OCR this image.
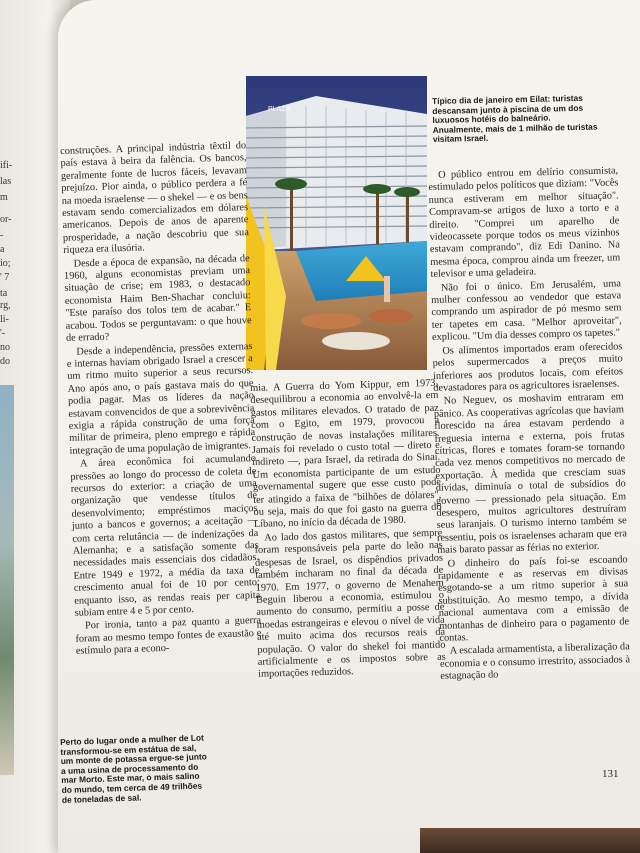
ifi-
las
m
or-
-
a
io;
' 7
ta
rg,
li-
'-
no
do
PLAZA
Típico dia de janeiro em Eilat: turistas descansam junto à piscina de um dos luxuosos hotéis do balneário. Anualmente, mais de 1 milhão de turistas visitam Israel.

construções. A principal indústria têxtil do país estava à beira da falência. Os bancos, geralmente fonte de lucros fáceis, levavam prejuízo. Pior ainda, o público perdera a fé na moeda israelense — o shekel — e os bens estavam sendo comercializados em dólares americanos. Depois de anos de aparente prosperidade, a nação descobriu que sua riqueza era ilusória.

Desde a época de expansão, na década de 1960, alguns economistas previam uma situação de crise; em 1983, o destacado economista Haim Ben-Shachar concluiu: "Este paraíso dos tolos tem de acabar." E acabou. Todos se perguntavam: o que houve de errado?

Desde a independência, pressões externas e internas haviam obrigado Israel a crescer a um ritmo muito superior a seus recursos. Ano após ano, o país gastava mais do que podia pagar. Mas os líderes da nação estavam convencidos de que a sobrevivência exigia a rápida construção de uma força militar de primeira, pleno emprego e rápida integração de uma população de imigrantes.

A área econômica foi acumulando pressões ao longo do processo de coleta de recursos do exterior: a criação de uma organização que vendesse títulos de desenvolvimento; empréstimos maciços junto a bancos e governos; a aceitação — com certa relutância — de indenizações da Alemanha; e a satisfação somente das necessidades mais essenciais dos cidadãos. Entre 1949 e 1972, a média da taxa de crescimento anual foi de 10 por cento; enquanto isso, as rendas reais per capita subiam entre 4 e 5 por cento.

Por ironia, tanto a paz quanto a guerra foram ao mesmo tempo fontes de exaustão e estímulo para a econo-

mia. A Guerra do Yom Kippur, em 1973, desequilibrou a economia ao envolvê-la em gastos militares elevados. O tratado de paz com o Egito, em 1979, provocou a construção de novas instalações militares. Jamais foi revelado o custo total — direto e indireto —, para Israel, da retirada do Sinai. Um economista participante de um estudo governamental sugere que esse custo pode ter atingido a faixa de "bilhões de dólares", ou seja, mais do que foi gasto na guerra do Líbano, no início da década de 1980.

Ao lado dos gastos militares, que sempre foram responsáveis pela parte do leão nas despesas de Israel, os dispêndios privados também incharam no final da década de 1970. Em 1977, o governo de Menahem Beguin liberou a economia, estimulou o aumento do consumo, permitiu a posse de moedas estrangeiras e elevou o nível de vida até muito acima dos recursos reais da população. O valor do shekel foi mantido artificialmente e os impostos sobre as importações reduzidos.

O público entrou em delírio consumista, estimulado pelos políticos que diziam: "Vocês nunca estiveram em melhor situação". Compravam-se artigos de luxo a torto e a direito. "Comprei um aparelho de videocassete porque todos os meus vizinhos estavam comprando", diz Edi Danino. Na mesma época, comprou ainda um freezer, um televisor e uma geladeira.

Não foi o único. Em Jerusalém, uma mulher confessou ao vendedor que estava comprando um aspirador de pó mesmo sem ter tapetes em casa. "Melhor aproveitar", explicou. "Um dia desses compro os tapetes."

Os alimentos importados eram oferecidos pelos supermercados a preços muito inferiores aos produtos locais, com efeitos devastadores para os agricultores israelenses.

No Neguev, os moshavim entraram em pânico. As cooperativas agrícolas que haviam florescido na área estavam perdendo a freguesia interna e externa, pois frutas cítricas, flores e tomates foram-se tornando cada vez menos competitivos no mercado de exportação. À medida que cresciam suas dívidas, diminuía o total de subsídios do governo — pressionado pela situação. Em desespero, muitos agricultores destruíram seus laranjais. O turismo interno também se ressentiu, pois os israelenses acharam que era mais barato passar as férias no exterior.

O dinheiro do país foi-se escoando rapidamente e as reservas em divisas esgotando-se a um ritmo superior à sua substituição. Ao mesmo tempo, a dívida nacional aumentava com a emissão de montanhas de dinheiro para o pagamento de contas.

A escalada armamentista, a liberalização da economia e o consumo irrestrito, associados à estagnação do

Perto do lugar onde a mulher de Lot transformou-se em estátua de sal, um monte de potassa ergue-se junto a uma usina de processamento do mar Morto. Este mar, o mais salino do mundo, tem cerca de 49 trilhões de toneladas de sal.
131
